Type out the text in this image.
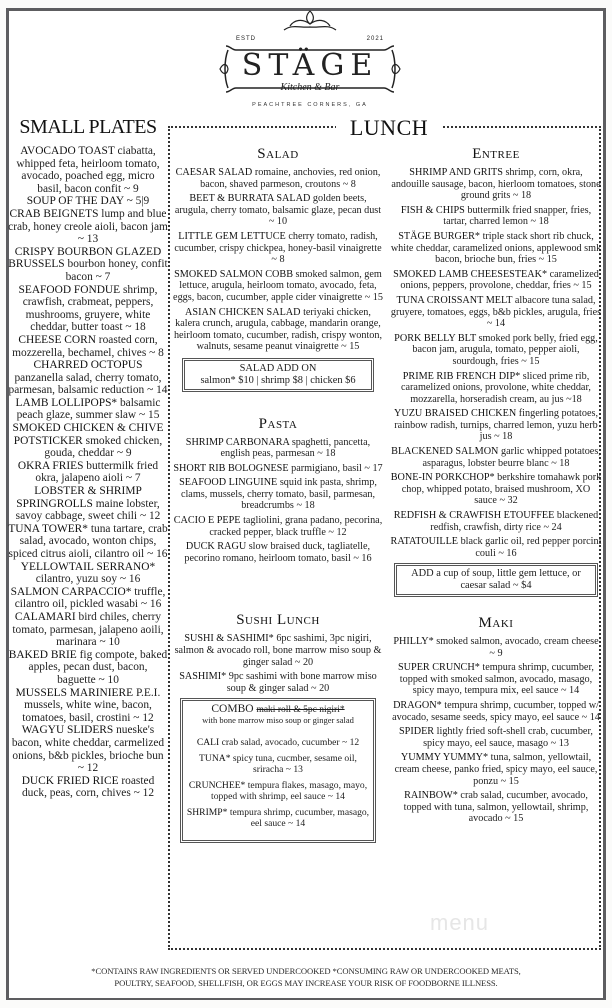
ESTD	2021
STÄGE
Kitchen & Bar
PEACHTREE CORNERS, GA
SMALL PLATES
AVOCADO TOAST ciabatta, whipped feta, heirloom tomato, avocado, poached egg, micro basil, bacon confit ~ 9
SOUP OF THE DAY ~ 5|9
CRAB BEIGNETS lump and blue crab, honey creole aioli, bacon jam ~ 13
CRISPY BOURBON GLAZED BRUSSELS bourbon honey, confit bacon ~ 7
SEAFOOD FONDUE shrimp, crawfish, crabmeat, peppers, mushrooms, gruyere, white cheddar, butter toast ~ 18
CHEESE CORN roasted corn, mozzerella, bechamel, chives ~ 8
CHARRED OCTOPUS panzanella salad, cherry tomato, parmesan, balsamic reduction ~ 14
LAMB LOLLIPOPS* balsamic peach glaze, summer slaw ~ 15
SMOKED CHICKEN & CHIVE POTSTICKER smoked chicken, gouda, cheddar ~ 9
OKRA FRIES buttermilk fried okra, jalapeno aioli ~ 7
LOBSTER & SHRIMP SPRINGROLLS maine lobster, savoy cabbage, sweet chili ~ 12
TUNA TOWER* tuna tartare, crab salad, avocado, wonton chips, spiced citrus aioli, cilantro oil ~ 16
YELLOWTAIL SERRANO* cilantro, yuzu soy ~ 16
SALMON CARPACCIO* truffle, cilantro oil, pickled wasabi ~ 16
CALAMARI bird chiles, cherry tomato, parmesan, jalapeno aoili, marinara ~ 10
BAKED BRIE fig compote, baked apples, pecan dust, bacon, baguette ~ 10
MUSSELS MARINIERE P.E.I. mussels, white wine, bacon, tomatoes, basil, crostini ~ 12
WAGYU SLIDERS nueske's bacon, white cheddar, carmelized onions, b&b pickles, brioche bun ~ 12
DUCK FRIED RICE roasted duck, peas, corn, chives ~ 12
LUNCH
Salad
CAESAR SALAD romaine, anchovies, red onion, bacon, shaved parmeson, croutons ~ 8
BEET & BURRATA SALAD golden beets, arugula, cherry tomato, balsamic glaze, pecan dust ~ 10
LITTLE GEM LETTUCE cherry tomato, radish, cucumber, crispy chickpea, honey-basil vinaigrette ~ 8
SMOKED SALMON COBB smoked salmon, gem lettuce, arugula, heirloom tomato, avocado, feta, eggs, bacon, cucumber, apple cider vinaigrette ~ 15
ASIAN CHICKEN SALAD teriyaki chicken, kalera crunch, arugula, cabbage, mandarin orange, heirloom tomato, cucumber, radish, crispy wonton, walnuts, sesame peanut vinaigrette ~ 15
SALAD ADD ON
salmon* $10 | shrimp $8 | chicken $6
Pasta
SHRIMP CARBONARA spaghetti, pancetta, english peas, parmesan ~ 18
SHORT RIB BOLOGNESE parmigiano, basil ~ 17
SEAFOOD LINGUINE squid ink pasta, shrimp, clams, mussels, cherry tomato, basil, parmesan, breadcrumbs ~ 18
CACIO E PEPE tagliolini, grana padano, pecorina, cracked pepper, black truffle ~ 12
DUCK RAGU slow braised duck, tagliatelle, pecorino romano, heirloom tomato, basil ~ 16
Sushi Lunch
SUSHI & SASHIMI* 6pc sashimi, 3pc nigiri, salmon & avocado roll, bone marrow miso soup & ginger salad ~ 20
SASHIMI* 9pc sashimi with bone marrow miso soup & ginger salad ~ 20
COMBO maki roll & 5pc nigiri*
with bone marrow miso soup or ginger salad
CALI crab salad, avocado, cucumber ~ 12
TUNA* spicy tuna, cucmber, sesame oil, sriracha ~ 13
CRUNCHEE* tempura flakes, masago, mayo, topped with shrimp, eel sauce ~ 14
SHRIMP* tempura shrimp, cucumber, masago, eel sauce ~ 14
Entree
SHRIMP AND GRITS shrimp, corn, okra, andouille sausage, bacon, hierloom tomatoes, stone ground grits ~ 18
FISH & CHIPS buttermilk fried snapper, fries, tartar, charred lemon ~ 18
STÄGE BURGER* triple stack short rib chuck, white cheddar, caramelized onions, applewood smk bacon, brioche bun, fries ~ 15
SMOKED LAMB CHEESESTEAK* caramelized onions, peppers, provolone, cheddar, fries ~ 15
TUNA CROISSANT MELT albacore tuna salad, gruyere, tomatoes, eggs, b&b pickles, arugula, fries ~ 14
PORK BELLY BLT smoked pork belly, fried egg, bacon jam, arugula, tomato, pepper aioli, sourdough, fries ~ 15
PRIME RIB FRENCH DIP* sliced prime rib, caramelized onions, provolone, white cheddar, mozzarella, horseradish cream, au jus ~18
YUZU BRAISED CHICKEN fingerling potatoes, rainbow radish, turnips, charred lemon, yuzu herb jus ~ 18
BLACKENED SALMON garlic whipped potatoes, asparagus, lobster beurre blanc ~ 18
BONE-IN PORKCHOP* berkshire tomahawk pork chop, whipped potato, braised mushroom, XO sauce ~ 32
REDFISH & CRAWFISH ETOUFFEE blackened redfish, crawfish, dirty rice ~ 24
RATATOUILLE black garlic oil, red pepper porcini couli ~ 16
ADD a cup of soup, little gem lettuce, or caesar salad ~ $4
Maki
PHILLY* smoked salmon, avocado, cream cheese ~ 9
SUPER CRUNCH* tempura shrimp, cucumber, topped with smoked salmon, avocado, masago, spicy mayo, tempura mix, eel sauce ~ 14
DRAGON* tempura shrimp, cucumber, topped w/ avocado, sesame seeds, spicy mayo, eel sauce ~ 14
SPIDER lightly fried soft-shell crab, cucumber, spicy mayo, eel sauce, masago ~ 13
YUMMY YUMMY* tuna, salmon, yellowtail, cream cheese, panko fried, spicy mayo, eel sauce, ponzu ~ 15
RAINBOW* crab salad, cucumber, avocado, topped with tuna, salmon, yellowtail, shrimp, avocado ~ 15
menu
*CONTAINS RAW INGREDIENTS OR SERVED UNDERCOOKED *CONSUMING RAW OR UNDERCOOKED MEATS,
POULTRY, SEAFOOD, SHELLFISH, OR EGGS MAY INCREASE YOUR RISK OF FOODBORNE ILLNESS.
